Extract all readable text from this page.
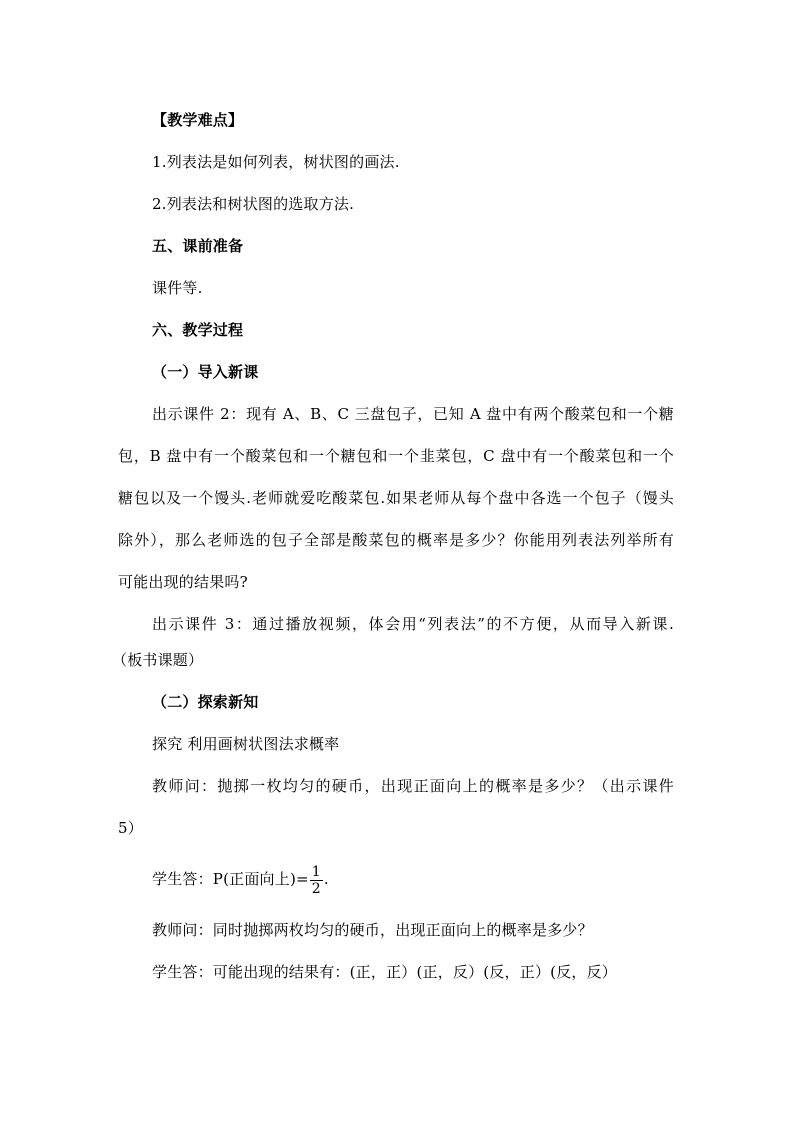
【教学难点】
1.列表法是如何列表，树状图的画法.
2.列表法和树状图的选取方法.
五、课前准备
课件等.
六、教学过程
（一）导入新课
出示课件 2：现有 A、B、C 三盘包子，已知 A 盘中有两个酸菜包和一个糖
包，B 盘中有一个酸菜包和一个糖包和一个韭菜包，C 盘中有一个酸菜包和一个
糖包以及一个馒头.老师就爱吃酸菜包.如果老师从每个盘中各选一个包子（馒头
除外），那么老师选的包子全部是酸菜包的概率是多少？你能用列表法列举所有
可能出现的结果吗?
出示课件 3：通过播放视频，体会用“列表法”的不方便，从而导入新课.
（板书课题）
（二）探索新知
探究 利用画树状图法求概率
教师问：抛掷一枚均匀的硬币，出现正面向上的概率是多少？（出示课件
5）
学生答：P(正面向上)= $\frac{1}{2}$ .
教师问：同时抛掷两枚均匀的硬币，出现正面向上的概率是多少？
学生答：可能出现的结果有：(正，正）(正，反）(反，正）(反，反）
